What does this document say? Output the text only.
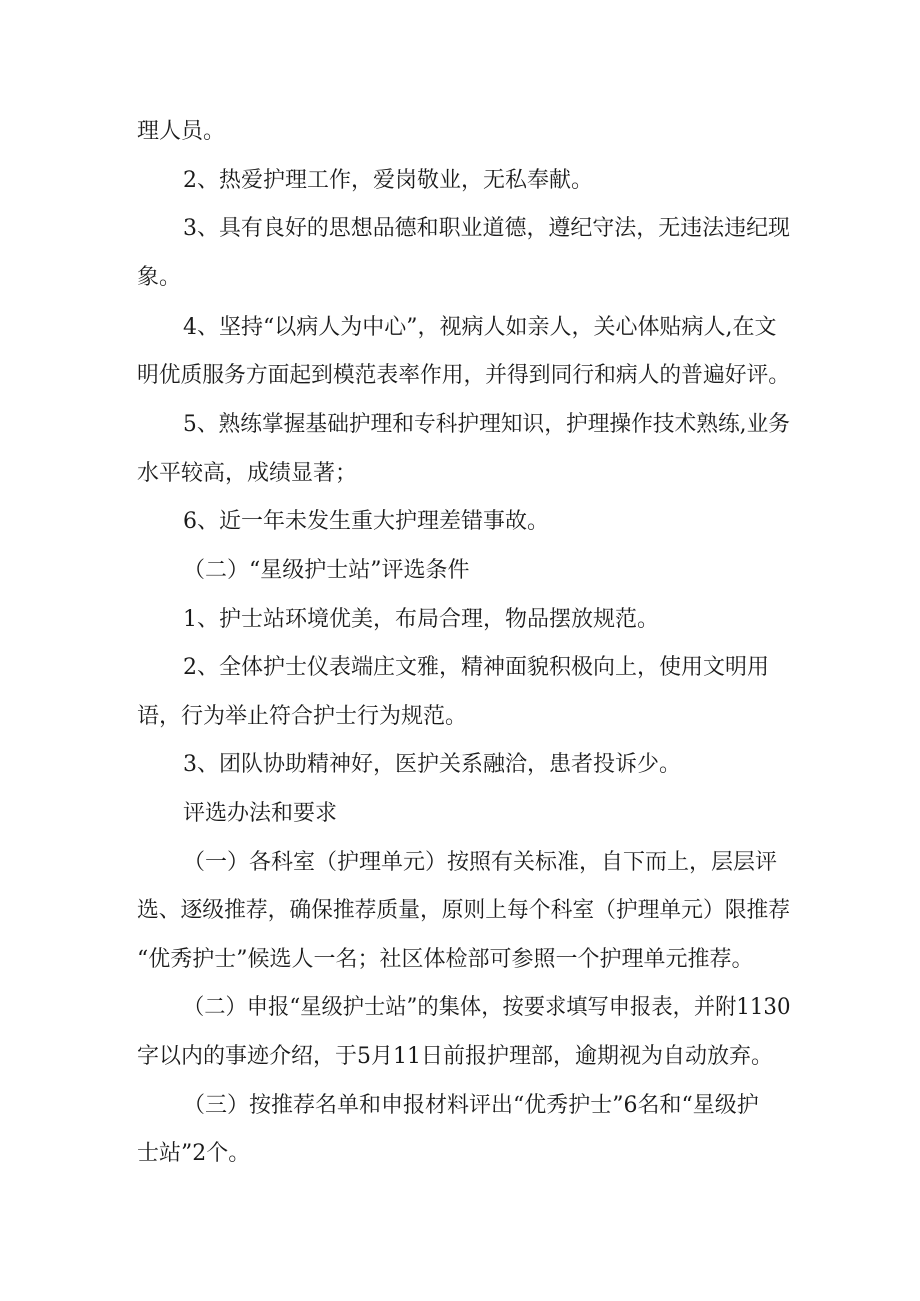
理人员。
2、热爱护理工作，爱岗敬业，无私奉献。
3、具有良好的思想品德和职业道德，遵纪守法，无违法违纪现
象。
4、坚持“以病人为中心”，视病人如亲人，关心体贴病人,在文
明优质服务方面起到模范表率作用，并得到同行和病人的普遍好评。
5、熟练掌握基础护理和专科护理知识，护理操作技术熟练,业务
水平较高，成绩显著；
6、近一年未发生重大护理差错事故。
（二）“星级护士站”评选条件
1、护士站环境优美，布局合理，物品摆放规范。
2、全体护士仪表端庄文雅，精神面貌积极向上，使用文明用
语，行为举止符合护士行为规范。
3、团队协助精神好，医护关系融洽，患者投诉少。
评选办法和要求
（一）各科室（护理单元）按照有关标准，自下而上，层层评
选、逐级推荐，确保推荐质量，原则上每个科室（护理单元）限推荐
“优秀护士”候选人一名；社区体检部可参照一个护理单元推荐。
（二）申报“星级护士站”的集体，按要求填写申报表，并附1130
字以内的事迹介绍，于5月11日前报护理部，逾期视为自动放弃。
（三）按推荐名单和申报材料评出“优秀护士”6名和“星级护
士站”2个。
